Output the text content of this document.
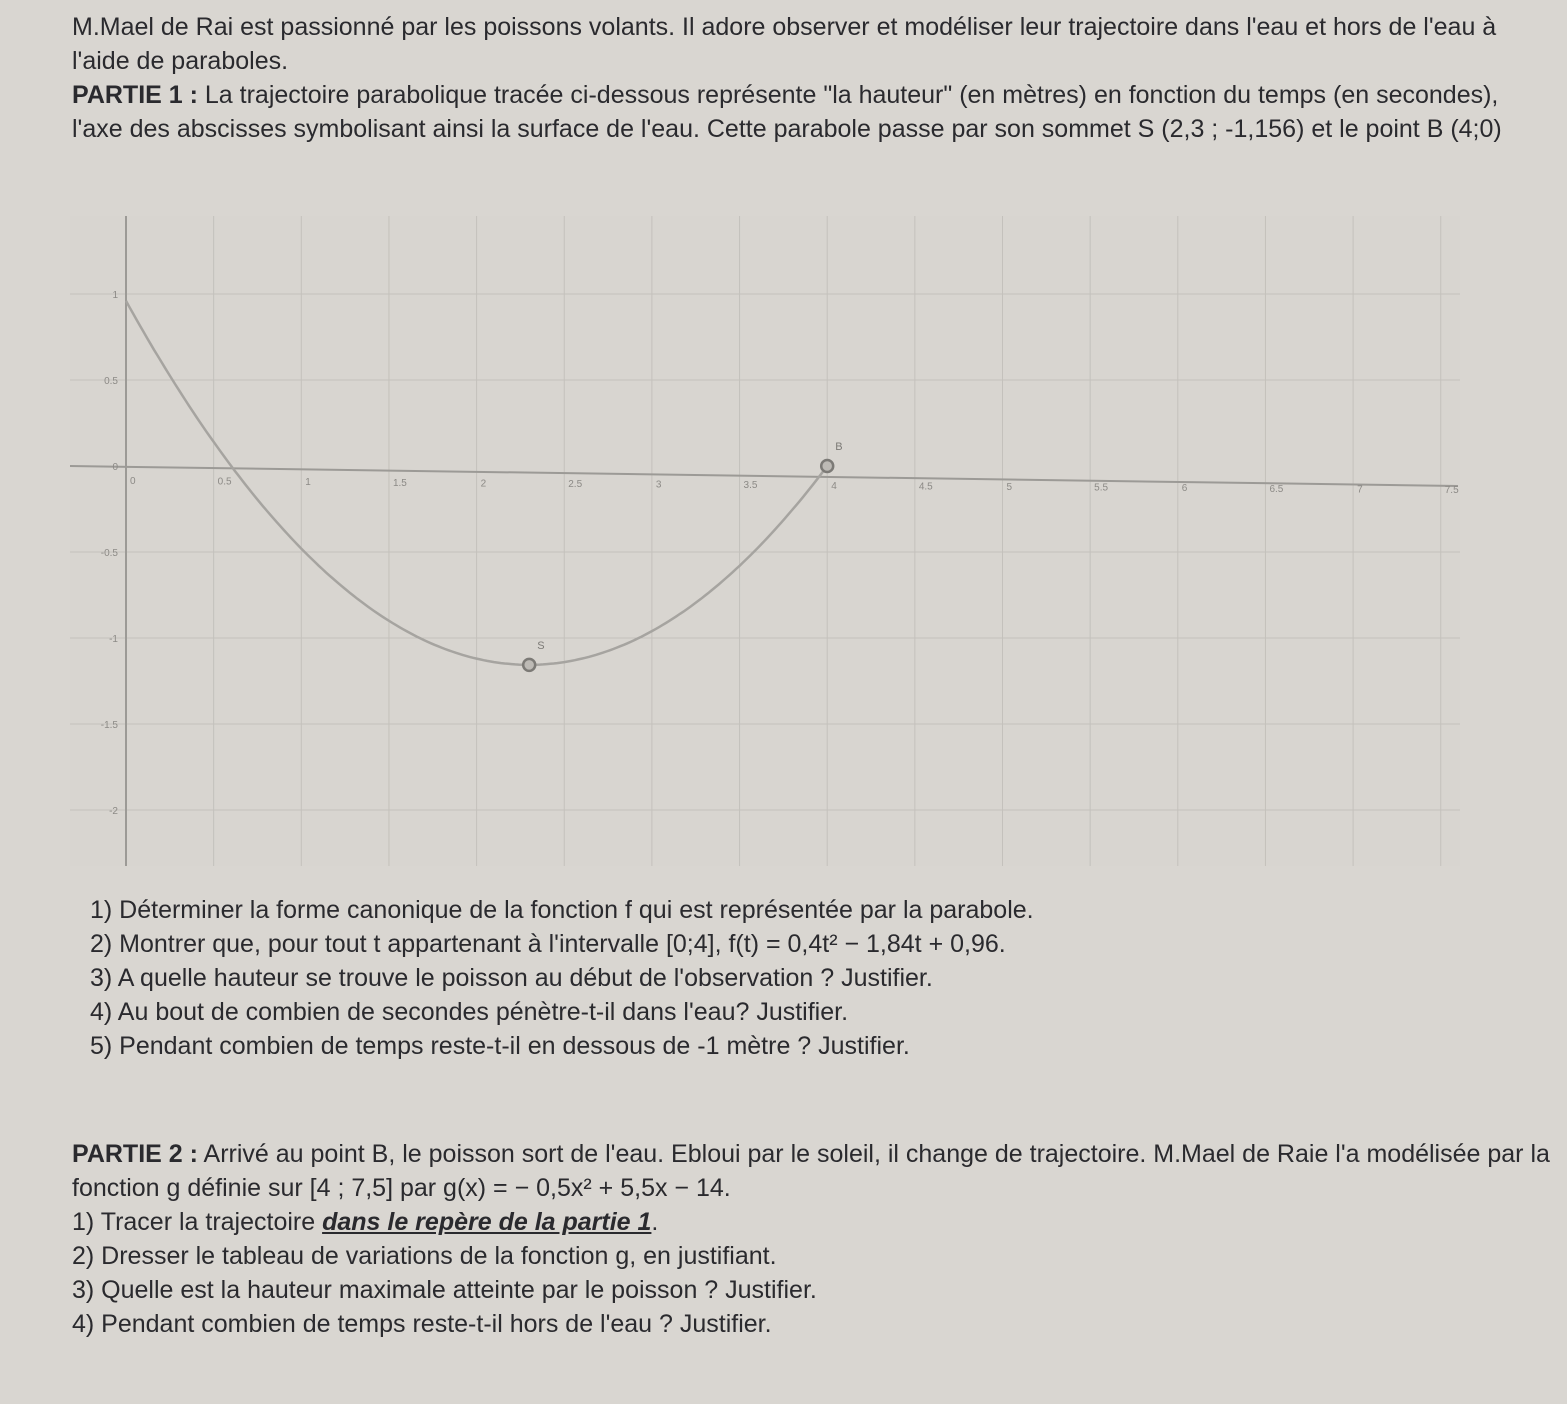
M.Mael de Rai est passionné par les poissons volants. Il adore observer et modéliser leur trajectoire dans l'eau et hors de l'eau à l'aide de paraboles.

PARTIE 1 : La trajectoire parabolique tracée ci-dessous représente "la hauteur" (en mètres) en fonction du temps (en secondes), l'axe des abscisses symbolisant ainsi la surface de l'eau. Cette parabole passe par son sommet S (2,3 ; -1,156) et le point B (4;0)

0	0.5	1	1.5	2	2.5	3	3.5	4	4.5	5	5.5	6	6.5	7	7.5
1
0.5
0
-0.5
-1
-1.5
-2
S
B

1) Déterminer la forme canonique de la fonction f qui est représentée par la parabole.

2) Montrer que, pour tout t appartenant à l'intervalle [0;4], f(t) = 0,4t² − 1,84t + 0,96.

3) A quelle hauteur se trouve le poisson au début de l'observation ? Justifier.

4) Au bout de combien de secondes pénètre-t-il dans l'eau? Justifier.

5) Pendant combien de temps reste-t-il en dessous de -1 mètre ? Justifier.

PARTIE 2 : Arrivé au point B, le poisson sort de l'eau. Ebloui par le soleil, il change de trajectoire. M.Mael de Raie l'a modélisée par la fonction g définie sur [4 ; 7,5] par g(x) = − 0,5x² + 5,5x − 14.

1) Tracer la trajectoire dans le repère de la partie 1.

2) Dresser le tableau de variations de la fonction g, en justifiant.

3) Quelle est la hauteur maximale atteinte par le poisson ? Justifier.

4) Pendant combien de temps reste-t-il hors de l'eau ? Justifier.
